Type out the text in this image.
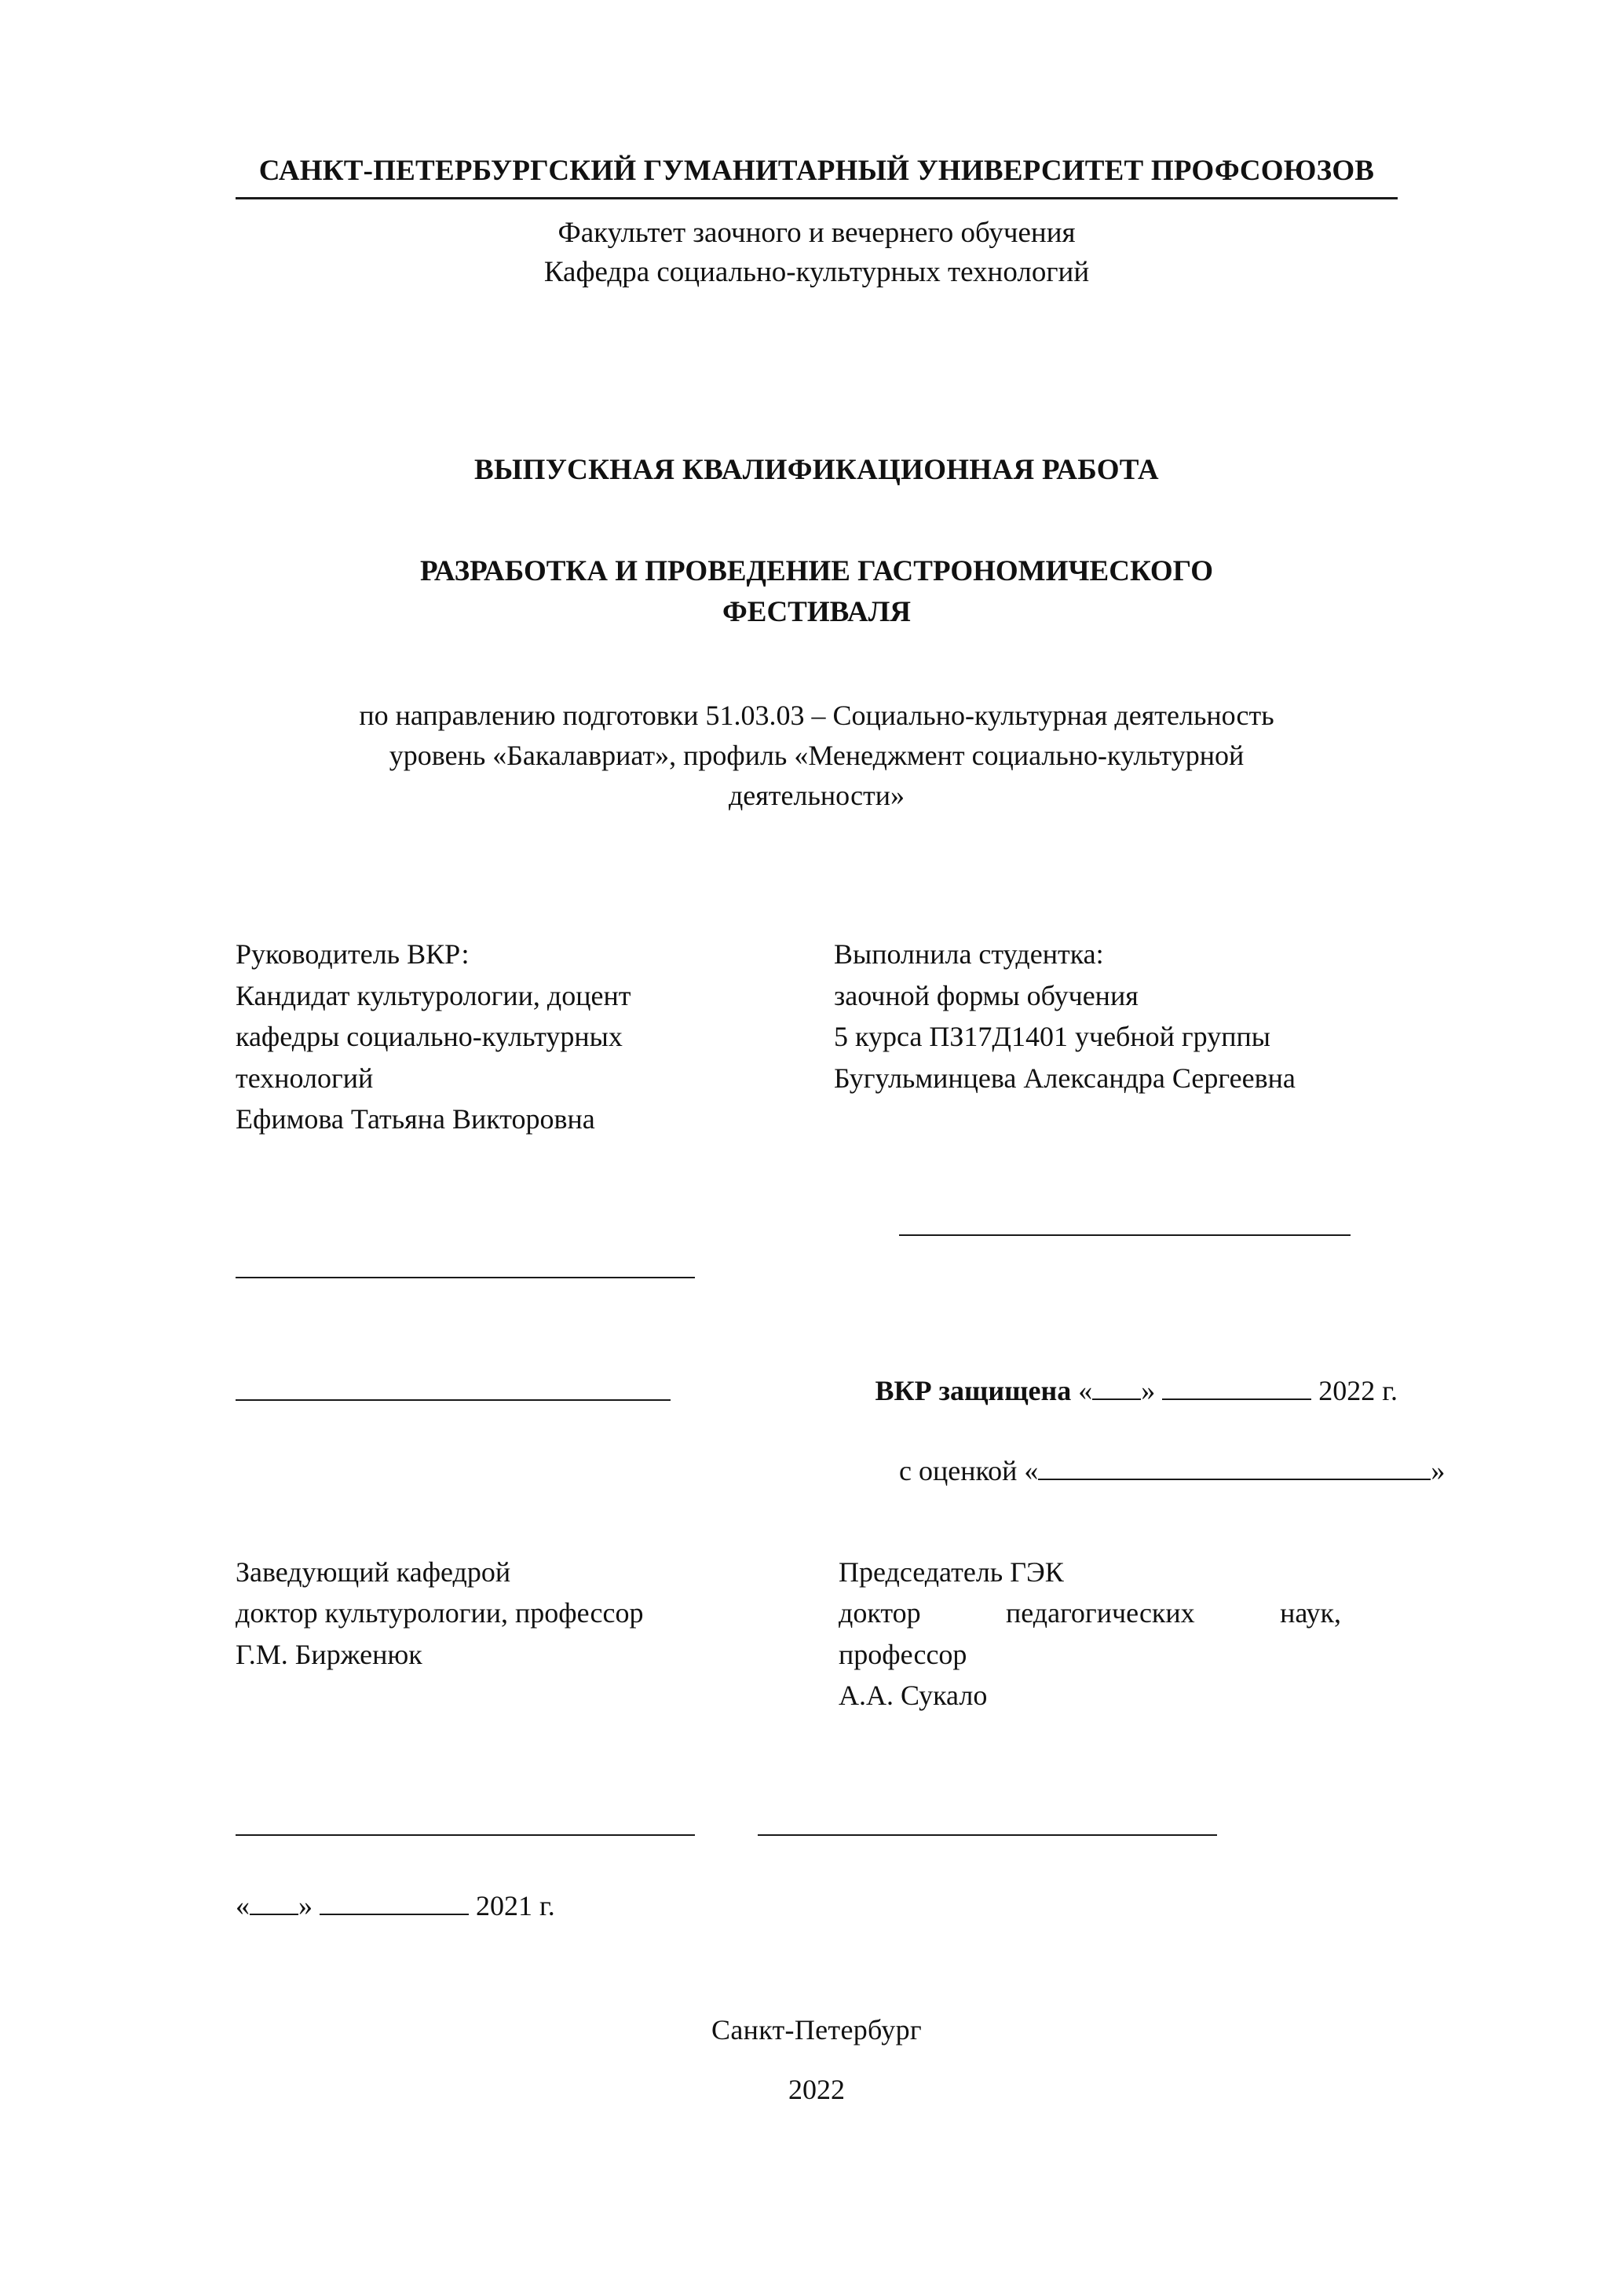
САНКТ-ПЕТЕРБУРГСКИЙ ГУМАНИТАРНЫЙ УНИВЕРСИТЕТ ПРОФСОЮЗОВ
Факультет заочного и вечернего обучения
Кафедра социально-культурных технологий
ВЫПУСКНАЯ КВАЛИФИКАЦИОННАЯ РАБОТА
РАЗРАБОТКА И ПРОВЕДЕНИЕ ГАСТРОНОМИЧЕСКОГО ФЕСТИВАЛЯ
по направлению подготовки 51.03.03 – Социально-культурная деятельность
уровень «Бакалавриат», профиль «Менеджмент социально-культурной
деятельности»
Руководитель ВКР:
Кандидат культурологии, доцент
кафедры социально-культурных
технологий
Ефимова Татьяна Викторовна
Выполнила студентка:
заочной формы обучения
5 курса ПЗ17Д1401 учебной группы
Бугульминцева Александра Сергеевна
ВКР защищена « »	2022 г.
с оценкой «	»
Заведующий кафедрой
доктор культурологии, профессор
Г.М. Бирженюк
Председатель ГЭК
доктор	педагогических	наук,
профессор
А.А. Сукало
« »	2021 г.
Санкт-Петербург
2022
